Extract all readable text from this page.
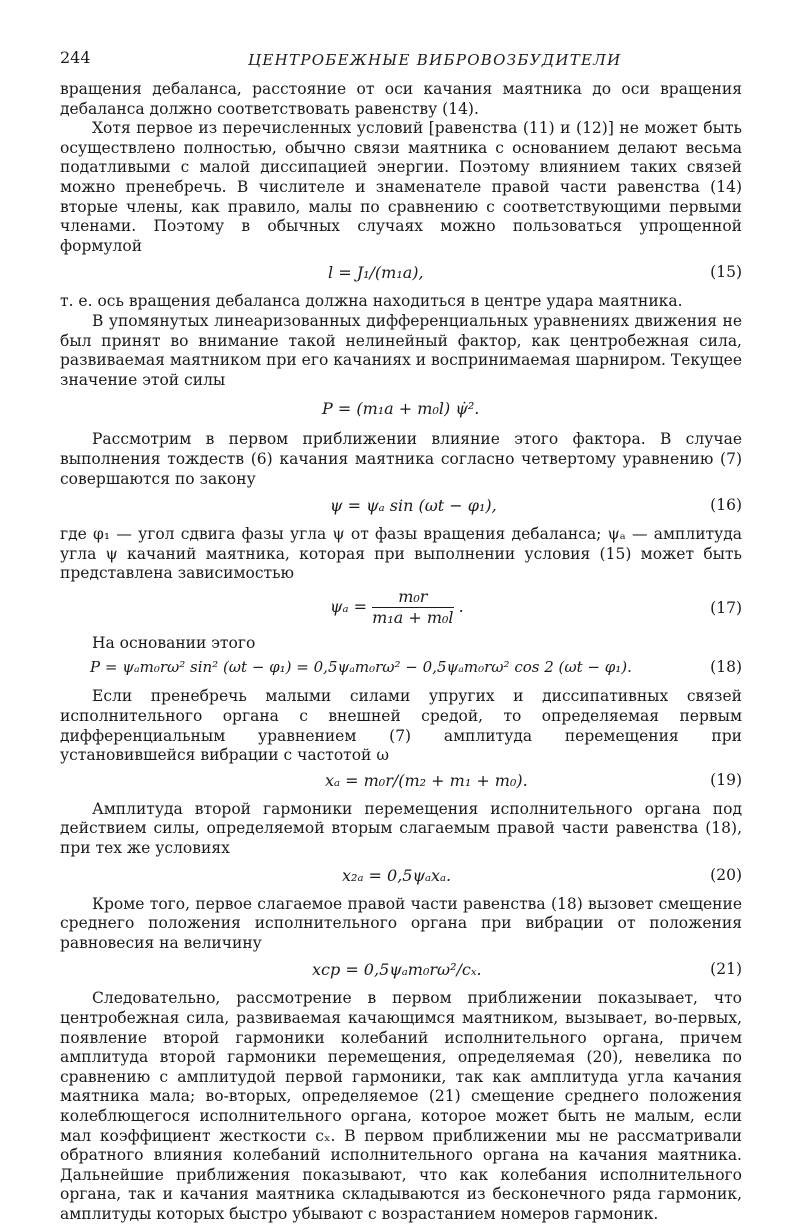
244	ЦЕНТРОБЕЖНЫЕ ВИБРОВОЗБУДИТЕЛИ

вращения дебаланса, расстояние от оси качания маятника до оси вращения дебаланса должно соответствовать равенству (14).

Хотя первое из перечисленных условий [равенства (11) и (12)] не может быть осуществлено полностью, обычно связи маятника с основанием делают весьма податливыми с малой диссипацией энергии. Поэтому влиянием таких связей можно пренебречь. В числителе и знаменателе правой части равенства (14) вторые члены, как правило, малы по сравнению с соответствующими первыми членами. Поэтому в обычных случаях можно пользоваться упрощенной формулой

l = J₁/(m₁a),	(15)

т. е. ось вращения дебаланса должна находиться в центре удара маятника.

В упомянутых линеаризованных дифференциальных уравнениях движения не был принят во внимание такой нелинейный фактор, как центробежная сила, развиваемая маятником при его качаниях и воспринимаемая шарниром. Текущее значение этой силы

P = (m₁a + m₀l) ψ̇².

Рассмотрим в первом приближении влияние этого фактора. В случае выполнения тождеств (6) качания маятника согласно четвертому уравнению (7) совершаются по закону

ψ = ψₐ sin (ωt − φ₁),	(16)

где φ₁ — угол сдвига фазы угла ψ от фазы вращения дебаланса; ψₐ — амплитуда угла ψ качаний маятника, которая при выполнении условия (15) может быть представлена зависимостью

$\psi_a = \frac{\text{m₀r}}{\text{m₁a + m₀l}}$ .	(17)

На основании этого

P = ψₐm₀rω² sin² (ωt − φ₁) = 0,5ψₐm₀rω² − 0,5ψₐm₀rω² cos 2 (ωt − φ₁).	(18)

Если пренебречь малыми силами упругих и диссипативных связей исполнительного органа с внешней средой, то определяемая первым дифференциальным уравнением (7) амплитуда перемещения при установившейся вибрации с частотой ω

xₐ = m₀r/(m₂ + m₁ + m₀).	(19)

Амплитуда второй гармоники перемещения исполнительного органа под действием силы, определяемой вторым слагаемым правой части равенства (18), при тех же условиях

x₂ₐ = 0,5ψₐxₐ.	(20)

Кроме того, первое слагаемое правой части равенства (18) вызовет смещение среднего положения исполнительного органа при вибрации от положения равновесия на величину

xcp = 0,5ψₐm₀rω²/cₓ.	(21)

Следовательно, рассмотрение в первом приближении показывает, что центробежная сила, развиваемая качающимся маятником, вызывает, во-первых, появление второй гармоники колебаний исполнительного органа, причем амплитуда второй гармоники перемещения, определяемая (20), невелика по сравнению с амплитудой первой гармоники, так как амплитуда угла качания маятника мала; во-вторых, определяемое (21) смещение среднего положения колеблющегося исполнительного органа, которое может быть не малым, если мал коэффициент жесткости cₓ. В первом приближении мы не рассматривали обратного влияния колебаний исполнительного органа на качания маятника. Дальнейшие приближения показывают, что как колебания исполнительного органа, так и качания маятника складываются из бесконечного ряда гармоник, амплитуды которых быстро убывают с возрастанием номеров гармоник.
